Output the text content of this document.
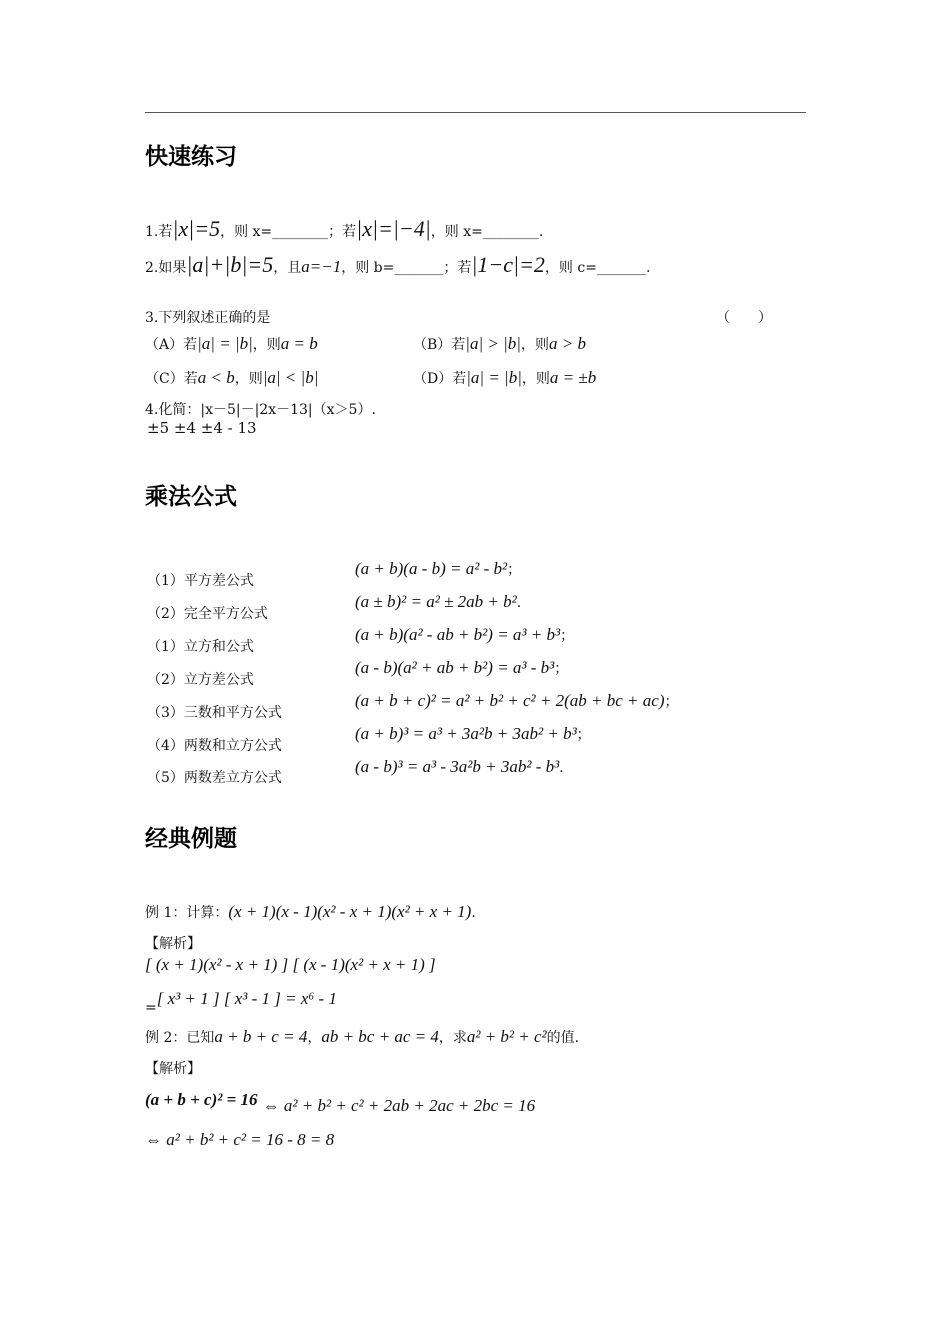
快速练习
1.若|x|=5，则 x=________；若|x|=|−4|，则 x=________.
2.如果|a|+|b|=5，且a=−1，则 b=_______；若|1−c|=2，则 c=_______.
3.下列叙述正确的是	（　　）
（A）若|a| = |b|，则a = b	（B）若|a| > |b|，则a > b
（C）若a < b，则|a| < |b|	（D）若|a| = |b|，则a = ±b
4.化简：|x－5|－|2x－13|（x＞5）.
±5 ±4 ±4 - 13
乘法公式
（1）平方差公式
(a + b)(a - b) = a² - b²；
（2）完全平方公式
(a ± b)² = a² ± 2ab + b².
（1）立方和公式
(a + b)(a² - ab + b²) = a³ + b³；
（2）立方差公式
(a - b)(a² + ab + b²) = a³ - b³；
（3）三数和平方公式
(a + b + c)² = a² + b² + c² + 2(ab + bc + ac)；
（4）两数和立方公式
(a + b)³ = a³ + 3a²b + 3ab² + b³；
（5）两数差立方公式
(a - b)³ = a³ - 3a²b + 3ab² - b³.
经典例题
例 1：计算：(x + 1)(x - 1)(x² - x + 1)(x² + x + 1).
【解析】
[ (x + 1)(x² - x + 1) ] [ (x - 1)(x² + x + 1) ]
=[ x³ + 1 ] [ x³ - 1 ] = x⁶ - 1
例 2：已知a + b + c = 4，ab + bc + ac = 4，求a² + b² + c²的值.
【解析】
(a + b + c)² = 16 ⇔ a² + b² + c² + 2ab + 2ac + 2bc = 16
⇔ a² + b² + c² = 16 - 8 = 8
